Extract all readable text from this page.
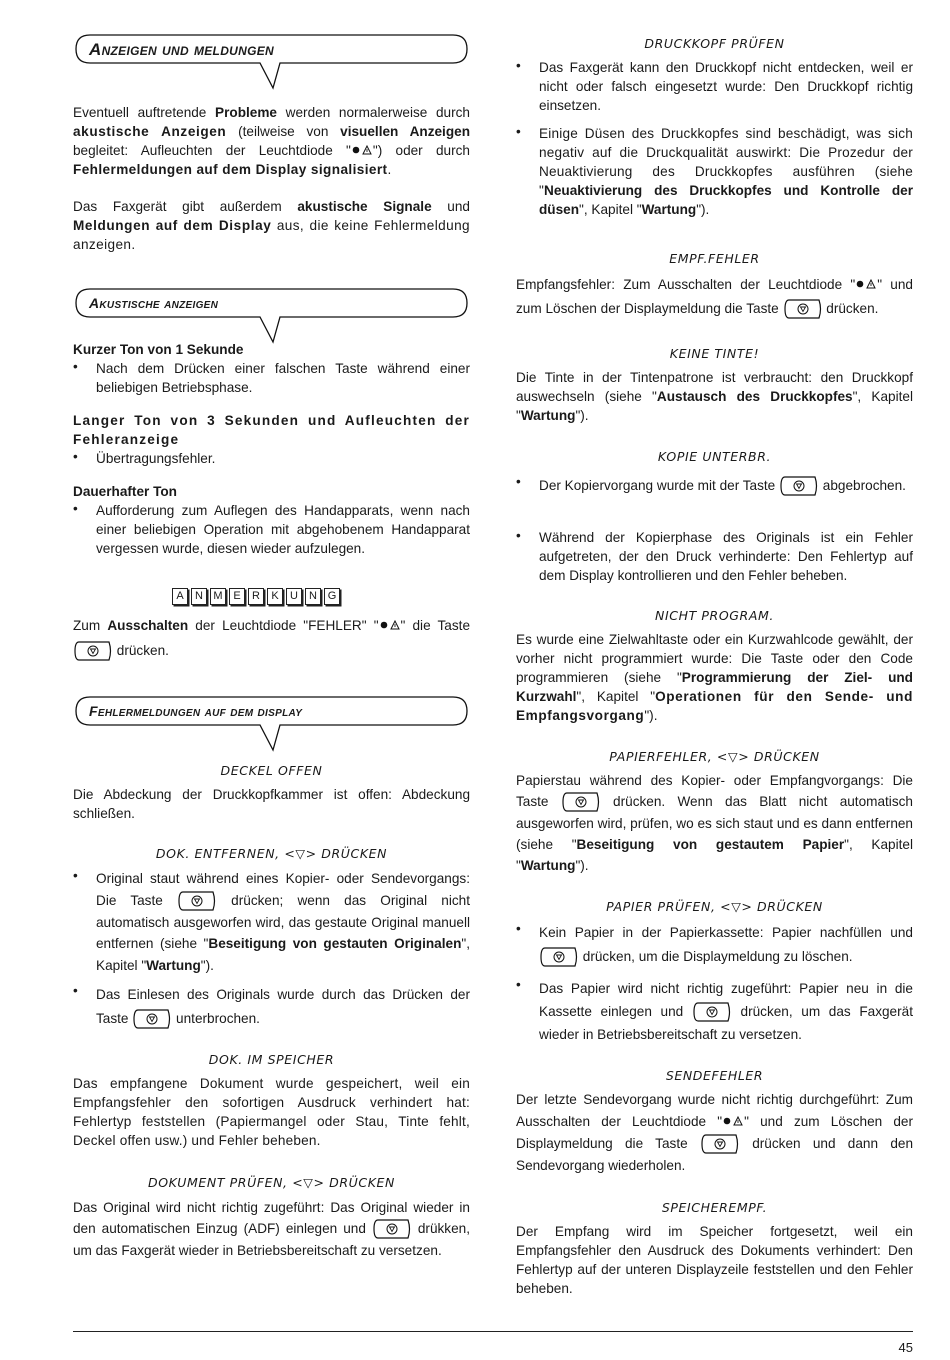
Anzeigen und meldungen

Eventuell auftretende Probleme werden normalerweise durch akustische Anzeigen (teilweise von visuellen Anzeigen begleitet: Aufleuchten der Leuchtdiode " ") oder durch Fehlermeldungen auf dem Display signalisiert.

Das Faxgerät gibt außerdem akustische Signale und Meldungen auf dem Display aus, die keine Fehlermeldung anzeigen.

Akustische anzeigen

Kurzer Ton von 1 Sekunde

• Nach dem Drücken einer falschen Taste während einer beliebigen Betriebsphase.

Langer Ton von 3 Sekunden und Aufleuchten der Fehleranzeige

• Übertragungsfehler.

Dauerhafter Ton

• Aufforderung zum Auflegen des Handapparats, wenn nach einer beliebigen Operation mit abgehobenem Handapparat vergessen wurde, diesen wieder aufzulegen.

A N M E R K U N G

Zum Ausschalten der Leuchtdiode "FEHLER" " " die Taste  drücken.

Fehlermeldungen auf dem display
DECKEL OFFEN

Die Abdeckung der Druckkopfkammer ist offen: Abdeckung schließen.

DOK. ENTFERNEN, <▽> DRÜCKEN
• Original staut während eines Kopier- oder Sendevorgangs: Die Taste	drücken; wenn das Original nicht automatisch ausgeworfen wird, das gestaute Original manuell entfernen (siehe "Beseitigung von gestauten Originalen", Kapitel "Wartung").

• Das Einlesen des Originals wurde durch das Drücken der Taste	unterbrochen.

DOK. IM SPEICHER

Das empfangene Dokument wurde gespeichert, weil ein Empfangsfehler den sofortigen Ausdruck verhindert hat: Fehlertyp feststellen (Papiermangel oder Stau, Tinte fehlt, Deckel offen usw.) und Fehler beheben.

DOKUMENT PRÜFEN, <▽> DRÜCKEN

Das Original wird nicht richtig zugeführt: Das Original wieder in den automatischen Einzug (ADF) einlegen und	drükken, um das Faxgerät wieder in Betriebsbereitschaft zu versetzen.

DRUCKKOPF PRÜFEN
• Das Faxgerät kann den Druckkopf nicht entdecken, weil er nicht oder falsch eingesetzt wurde: Den Druckkopf richtig einsetzen.

• Einige Düsen des Druckkopfes sind beschädigt, was sich negativ auf die Druckqualität auswirkt: Die Prozedur der Neuaktivierung des Druckkopfes ausführen (siehe "Neuaktivierung des Druckkopfes und Kontrolle der düsen", Kapitel "Wartung").

EMPF.FEHLER

Empfangsfehler: Zum Ausschalten der Leuchtdiode " " und zum Löschen der Displaymeldung die Taste	drücken.

KEINE TINTE!

Die Tinte in der Tintenpatrone ist verbraucht: den Druckkopf auswechseln (siehe "Austausch des Druckkopfes", Kapitel "Wartung").

KOPIE UNTERBR.
• Der Kopiervorgang wurde mit der Taste	abgebrochen.

• Während der Kopierphase des Originals ist ein Fehler aufgetreten, der den Druck verhinderte: Den Fehlertyp auf dem Display kontrollieren und den Fehler beheben.

NICHT PROGRAM.

Es wurde eine Zielwahltaste oder ein Kurzwahlcode gewählt, der vorher nicht programmiert wurde: Die Taste oder den Code programmieren (siehe "Programmierung der Ziel- und Kurzwahl", Kapitel "Operationen für den Sende- und Empfangsvorgang").

PAPIERFEHLER, <▽> DRÜCKEN

Papierstau während des Kopier- oder Empfangvorgangs: Die Taste	drücken. Wenn das Blatt nicht automatisch ausgeworfen wird, prüfen, wo es sich staut und es dann entfernen (siehe "Beseitigung von gestautem Papier", Kapitel "Wartung").

PAPIER PRÜFEN, <▽> DRÜCKEN
• Kein Papier in der Papierkassette: Papier nachfüllen und  drücken, um die Displaymeldung zu löschen.

• Das Papier wird nicht richtig zugeführt: Papier neu in die Kassette einlegen und	drücken, um das Faxgerät wieder in Betriebsbereitschaft zu versetzen.

SENDEFEHLER

Der letzte Sendevorgang wurde nicht richtig durchgeführt: Zum Ausschalten der Leuchtdiode " " und zum Löschen der Displaymeldung die Taste	drücken und dann den Sendevorgang wiederholen.

SPEICHEREMPF.

Der Empfang wird im Speicher fortgesetzt, weil ein Empfangsfehler den Ausdruck des Dokuments verhindert: Den Fehlertyp auf der unteren Displayzeile feststellen und den Fehler beheben.

45
